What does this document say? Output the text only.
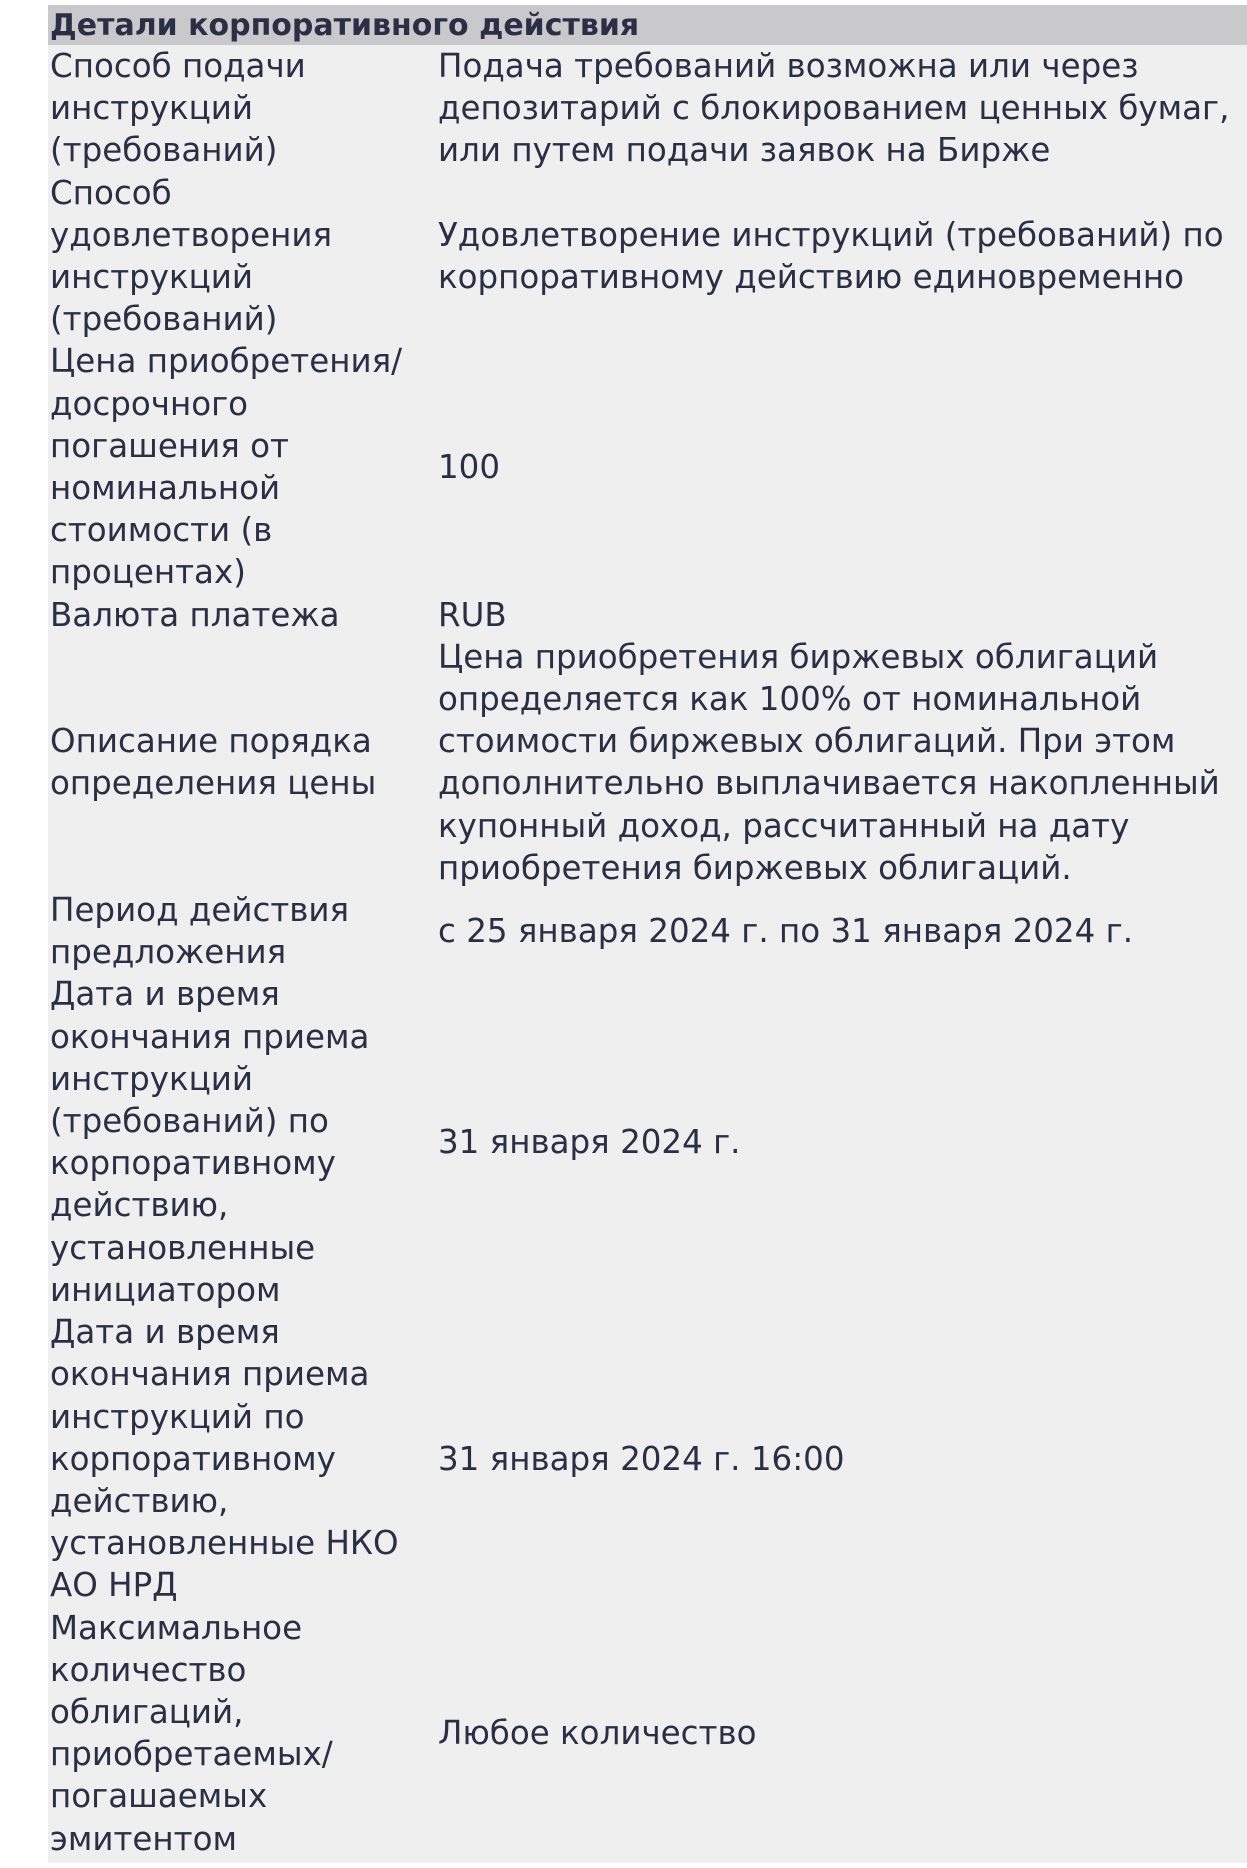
Детали корпоративного действия
Способ подачи
инструкций
(требований)
Подача требований возможна или через
депозитарий с блокированием ценных бумаг,
или путем подачи заявок на Бирже
Способ
удовлетворения
инструкций
(требований)
Удовлетворение инструкций (требований) по
корпоративному действию единовременно
Цена приобретения/
досрочного
погашения от
номинальной
стоимости (в
процентах)
100
Валюта платежа	RUB
Описание порядка
определения цены
Цена приобретения биржевых облигаций
определяется как 100% от номинальной
стоимости биржевых облигаций. При этом
дополнительно выплачивается накопленный
купонный доход, рассчитанный на дату
приобретения биржевых облигаций.
Период действия
предложения
с 25 января 2024 г. по 31 января 2024 г.
Дата и время
окончания приема
инструкций
(требований) по
корпоративному
действию,
установленные
инициатором
31 января 2024 г.
Дата и время
окончания приема
инструкций по
корпоративному
действию,
установленные НКО
АО НРД
31 января 2024 г. 16:00
Максимальное
количество
облигаций,
приобретаемых/
погашаемых
эмитентом
Любое количество
